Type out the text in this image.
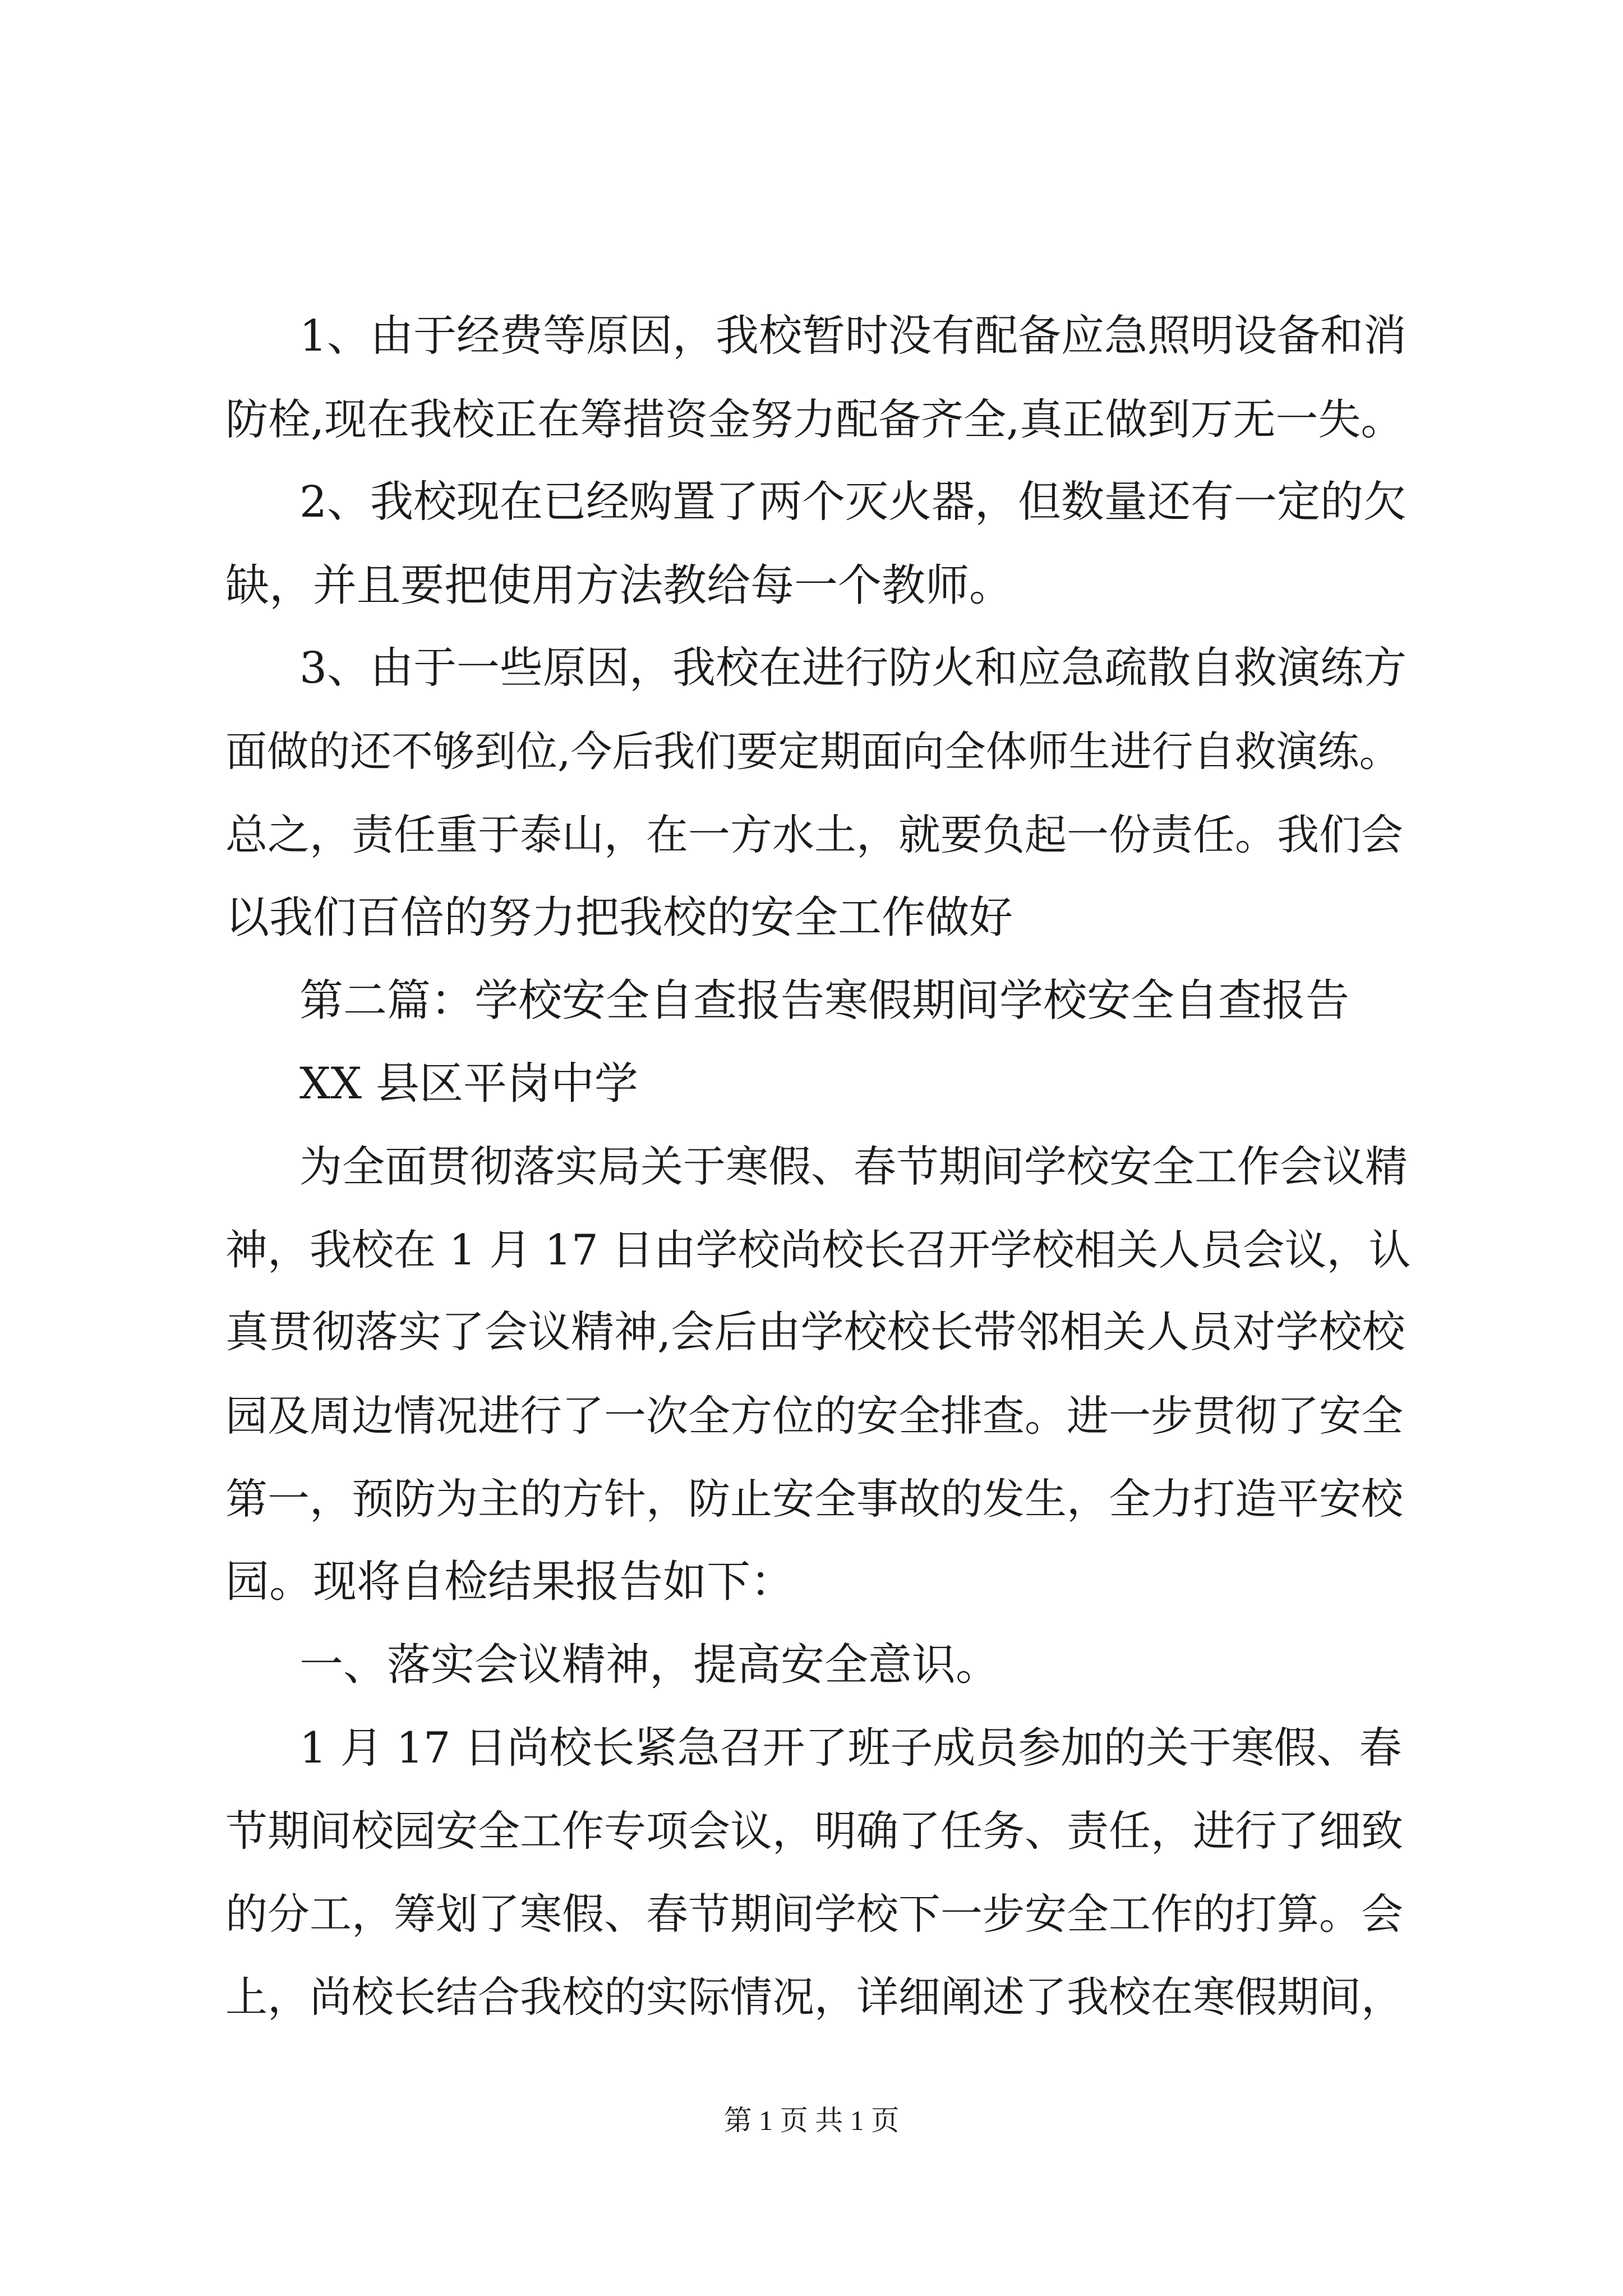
1、由于经费等原因，我校暂时没有配备应急照明设备和消
防栓,现在我校正在筹措资金努力配备齐全,真正做到万无一失。
2、我校现在已经购置了两个灭火器，但数量还有一定的欠
缺，并且要把使用方法教给每一个教师。
3、由于一些原因，我校在进行防火和应急疏散自救演练方
面做的还不够到位,今后我们要定期面向全体师生进行自救演练。
总之，责任重于泰山，在一方水土，就要负起一份责任。我们会
以我们百倍的努力把我校的安全工作做好
第二篇：学校安全自查报告寒假期间学校安全自查报告
XX 县区平岗中学
为全面贯彻落实局关于寒假、春节期间学校安全工作会议精
神，我校在 1 月 17 日由学校尚校长召开学校相关人员会议，认
真贯彻落实了会议精神,会后由学校校长带邻相关人员对学校校
园及周边情况进行了一次全方位的安全排查。进一步贯彻了安全
第一，预防为主的方针，防止安全事故的发生，全力打造平安校
园。现将自检结果报告如下：
一、落实会议精神，提高安全意识。
1 月 17 日尚校长紧急召开了班子成员参加的关于寒假、春
节期间校园安全工作专项会议，明确了任务、责任，进行了细致
的分工，筹划了寒假、春节期间学校下一步安全工作的打算。会
上，尚校长结合我校的实际情况，详细阐述了我校在寒假期间，
第 1 页 共 1 页
